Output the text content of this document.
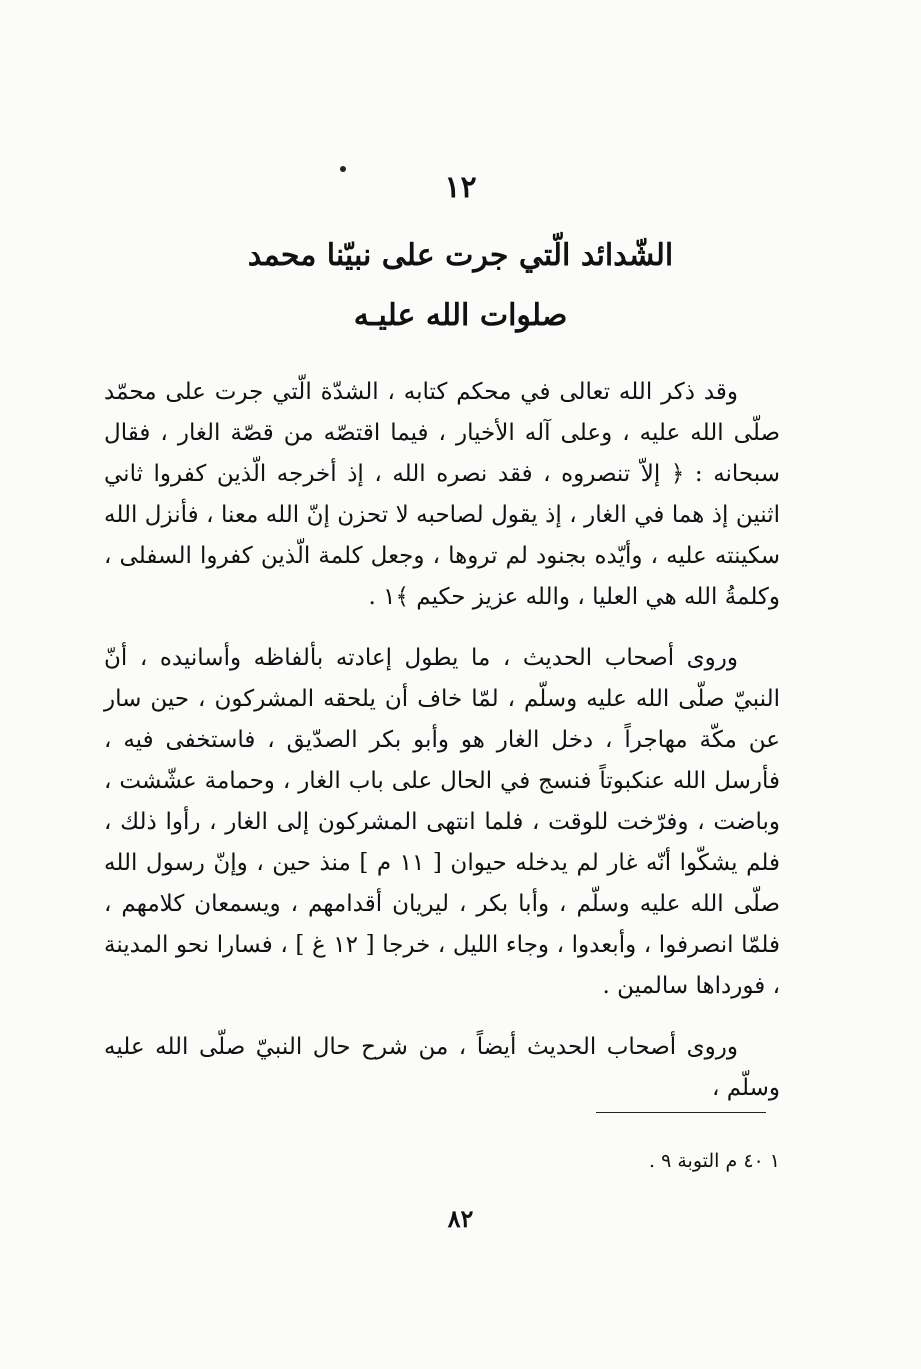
١٢
الشّدائد الّتي جرت على نبيّنا محمد
صلوات الله عليـه

وقد ذكر الله تعالى في محكم كتابه ، الشدّة الّتي جرت على محمّد صلّى الله عليه ، وعلى آله الأخيار ، فيما اقتصّه من قصّة الغار ، فقال سبحانه : ﴿ إلاّ تنصروه ، فقد نصره الله ، إذ أخرجه الّذين كفروا ثاني اثنين إذ هما في الغار ، إذ يقول لصاحبه لا تحزن إنّ الله معنا ، فأنزل الله سكينته عليه ، وأيّده بجنود لم تروها ، وجعل كلمة الّذين كفروا السفلى ، وكلمةُ الله هي العليا ، والله عزيز حكيم ﴾١ .

وروى أصحاب الحديث ، ما يطول إعادته بألفاظه وأسانيده ، أنّ النبيّ صلّى الله عليه وسلّم ، لمّا خاف أن يلحقه المشركون ، حين سار عن مكّة مهاجراً ، دخل الغار هو وأبو بكر الصدّيق ، فاستخفى فيه ، فأرسل الله عنكبوتاً فنسج في الحال على باب الغار ، وحمامة عشّشت ، وباضت ، وفرّخت للوقت ، فلما انتهى المشركون إلى الغار ، رأوا ذلك ، فلم يشكّوا أنّه غار لم يدخله حيوان [ ١١ م ] منذ حين ، وإنّ رسول الله صلّى الله عليه وسلّم ، وأبا بكر ، ليريان أقدامهم ، ويسمعان كلامهم ، فلمّا انصرفوا ، وأبعدوا ، وجاء الليل ، خرجا [ ١٢ غ ] ، فسارا نحو المدينة ، فورداها سالمين .

وروى أصحاب الحديث أيضاً ، من شرح حال النبيّ صلّى الله عليه وسلّم ،

١ ٤٠ م التوبة ٩ .
٨٢
